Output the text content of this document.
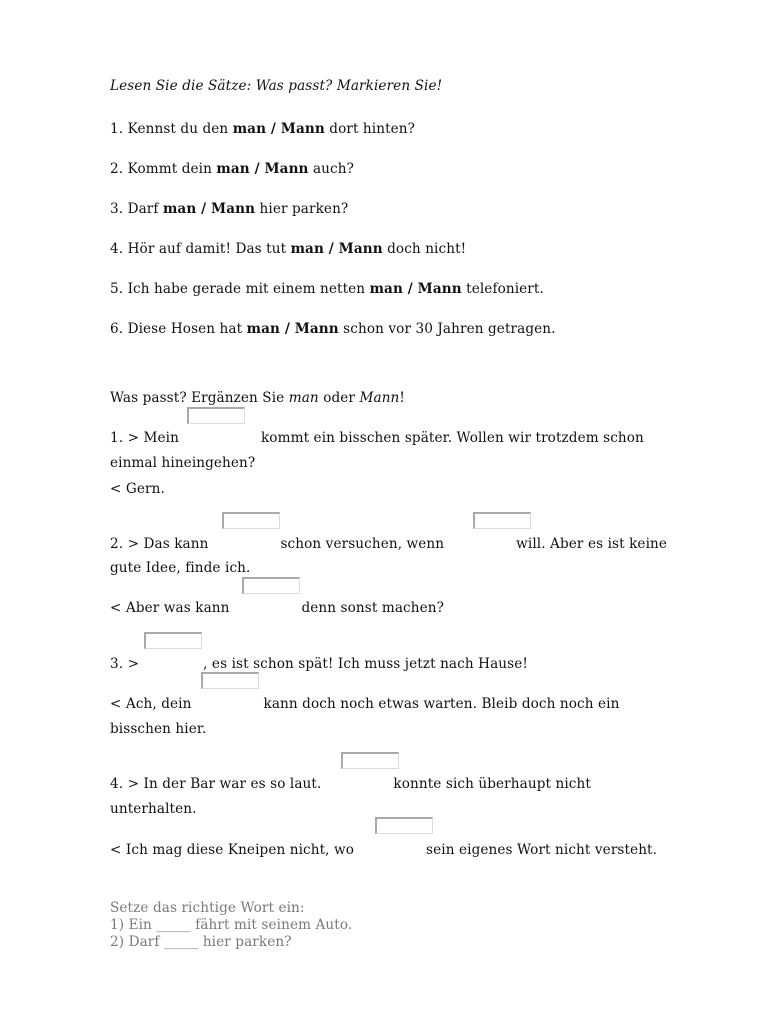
Lesen Sie die Sätze: Was passt? Markieren Sie!
1. Kennst du den man / Mann dort hinten?
2. Kommt dein man / Mann auch?
3. Darf man / Mann hier parken?
4. Hör auf damit! Das tut man / Mann doch nicht!
5. Ich habe gerade mit einem netten man / Mann telefoniert.
6. Diese Hosen hat man / Mann schon vor 30 Jahren getragen.
Was passt? Ergänzen Sie man oder Mann!
1. > Mein	kommt ein bisschen später. Wollen wir trotzdem schon
einmal hineingehen?
< Gern.
2. > Das kann	schon versuchen, wenn	will. Aber es ist keine
gute Idee, finde ich.
< Aber was kann	denn sonst machen?
3. >	, es ist schon spät! Ich muss jetzt nach Hause!
< Ach, dein	kann doch noch etwas warten. Bleib doch noch ein
bisschen hier.
4. > In der Bar war es so laut.	konnte sich überhaupt nicht
unterhalten.
< Ich mag diese Kneipen nicht, wo	sein eigenes Wort nicht versteht.
Setze das richtige Wort ein:
1) Ein _____ fährt mit seinem Auto.
2) Darf _____ hier parken?
